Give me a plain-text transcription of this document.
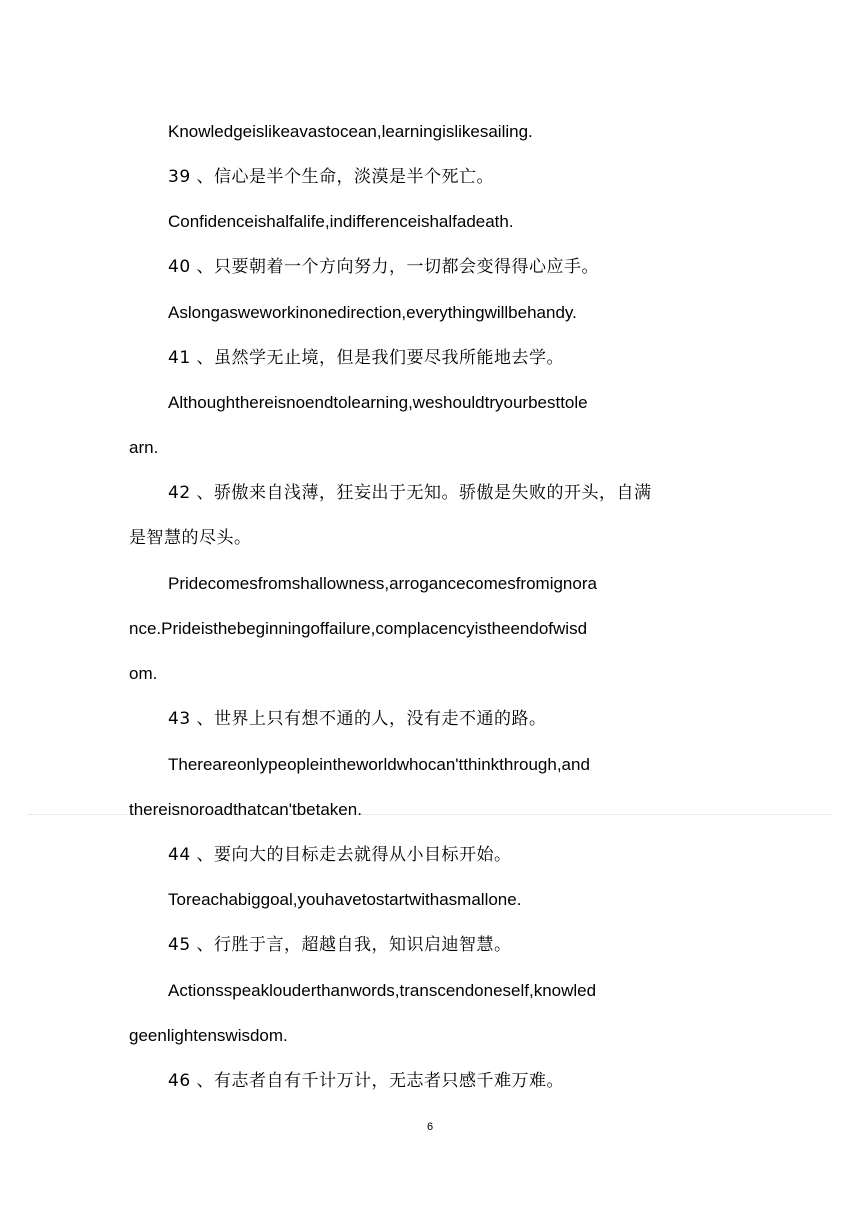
Knowledgeislikeavastocean,learningislikesailing.
39 、信心是半个生命，淡漠是半个死亡。
Confidenceishalfalife,indifferenceishalfadeath.
40 、只要朝着一个方向努力，一切都会变得得心应手。
Aslongasweworkinonedirection,everythingwillbehandy.
41 、虽然学无止境，但是我们要尽我所能地去学。
Althoughthereisnoendtolearning,weshouldtryourbesttole
arn.
42 、骄傲来自浅薄，狂妄出于无知。骄傲是失败的开头，自满
是智慧的尽头。
Pridecomesfromshallowness,arrogancecomesfromignora
nce.Prideisthebeginningoffailure,complacencyistheendofwisd
om.
43 、世界上只有想不通的人，没有走不通的路。
Thereareonlypeopleintheworldwhocan'tthinkthrough,and
thereisnoroadthatcan'tbetaken.
44 、要向大的目标走去就得从小目标开始。
Toreachabiggoal,youhavetostartwithasmallone.
45 、行胜于言，超越自我，知识启迪智慧。
Actionsspeaklouderthanwords,transcendoneself,knowled
geenlightenswisdom.
46 、有志者自有千计万计，无志者只感千难万难。
6
